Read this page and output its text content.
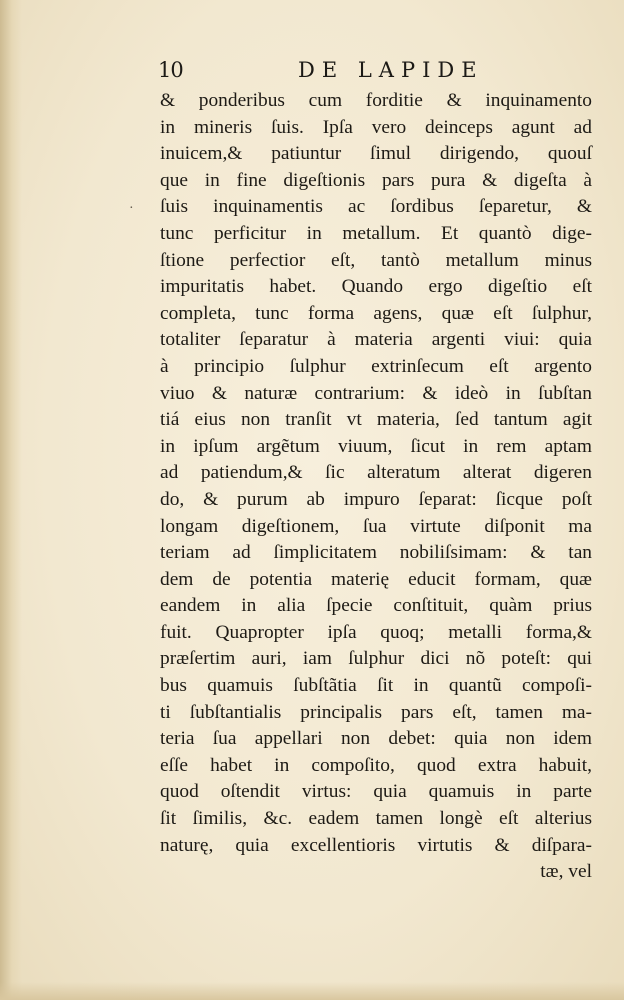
10	DE LAPIDE
·
& ponderibus cum forditie & inquinamento
in mineris ſuis. Ipſa vero deinceps agunt ad
inuicem,& patiuntur ſimul dirigendo, quouſ
que in fine digeſtionis pars pura & digeſta à
ſuis inquinamentis ac ſordibus ſeparetur, &
tunc perficitur in metallum. Et quantò dige-
ſtione perfectior eſt, tantò metallum minus
impuritatis habet. Quando ergo digeſtio eſt
completa, tunc forma agens, quæ eſt ſulphur,
totaliter ſeparatur à materia argenti viui: quia
à principio ſulphur extrinſecum eſt argento
viuo & naturæ contrarium: & ideò in ſubſtan
tiá eius non tranſit vt materia, ſed tantum agit
in ipſum argẽtum viuum, ſicut in rem aptam
ad patiendum,& ſic alteratum alterat digeren
do, & purum ab impuro ſeparat: ſicque poſt
longam digeſtionem, ſua virtute diſponit ma
teriam ad ſimplicitatem nobiliſsimam: & tan
dem de potentia materię educit formam, quæ
eandem in alia ſpecie conſtituit, quàm prius
fuit. Quapropter ipſa quoq; metalli forma,&
præſertim auri, iam ſulphur dici nõ poteſt: qui
bus quamuis ſubſtãtia ſit in quantũ compoſi-
ti ſubſtantialis principalis pars eſt, tamen ma-
teria ſua appellari non debet: quia non idem
eſſe habet in compoſito, quod extra habuit,
quod oſtendit virtus: quia quamuis in parte
ſit ſimilis, &c. eadem tamen longè eſt alterius
naturę, quia excellentioris virtutis & diſpara-
tæ, vel
